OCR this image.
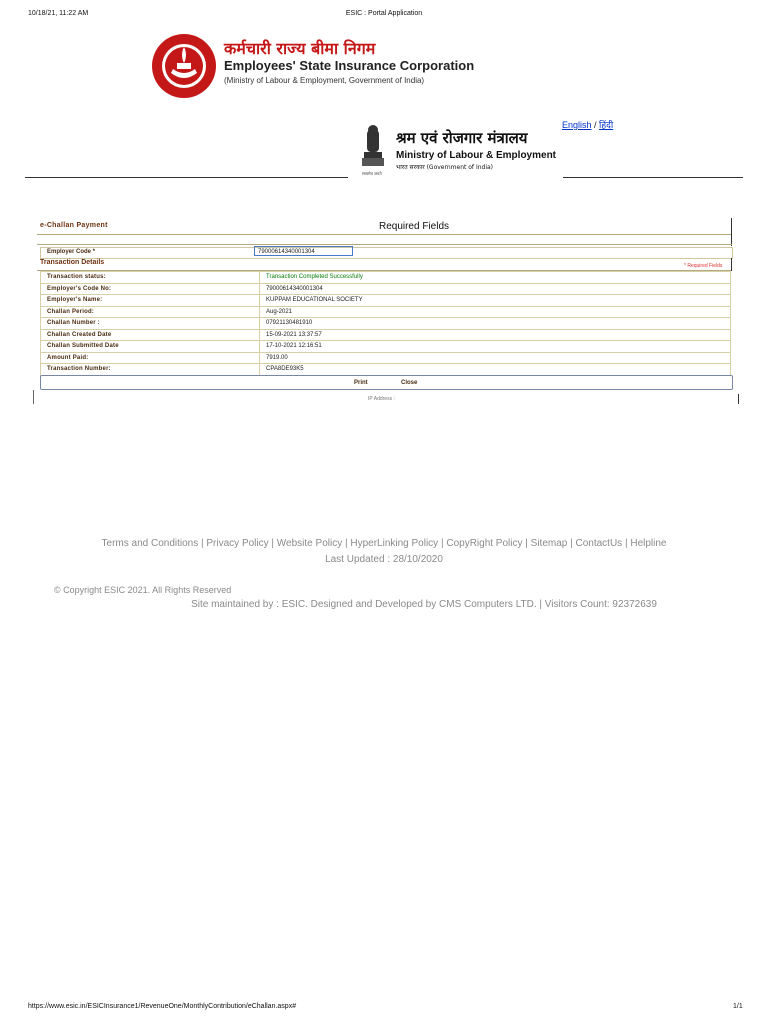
10/18/21, 11:22 AM	ESIC : Portal Application
कर्मचारी राज्य बीमा निगम
Employees' State Insurance Corporation
(Ministry of Labour & Employment, Government of India)
English / हिंदी
श्रम एवं रोजगार मंत्रालय
Ministry of Labour & Employment
भारत सरकार (Government of India)
सत्यमेव जयते
e-Challan Payment	Required Fields
Employer Code *	79000614340001304
Transaction Details	* Required Fields
Transaction status:	Transaction Completed Successfully
Employer's Code No:	79000614340001304
Employer's Name:	KUPPAM EDUCATIONAL SOCIETY
Challan Period:	Aug-2021
Challan Number :	07921130481910
Challan Created Date	15-09-2021 13:37:57
Challan Submitted Date	17-10-2021 12:16:51
Amount Paid:	7919.00
Transaction Number:	CPA8DE93K5
Print	Close
IP Address :
Terms and Conditions | Privacy Policy | Website Policy | HyperLinking Policy | CopyRight Policy | Sitemap | ContactUs | Helpline
Last Updated : 28/10/2020
© Copyright ESIC 2021. All Rights Reserved
Site maintained by : ESIC. Designed and Developed by CMS Computers LTD. | Visitors Count: 92372639
https://www.esic.in/ESICInsurance1/RevenueOne/MonthlyContribution/eChallan.aspx#	1/1
